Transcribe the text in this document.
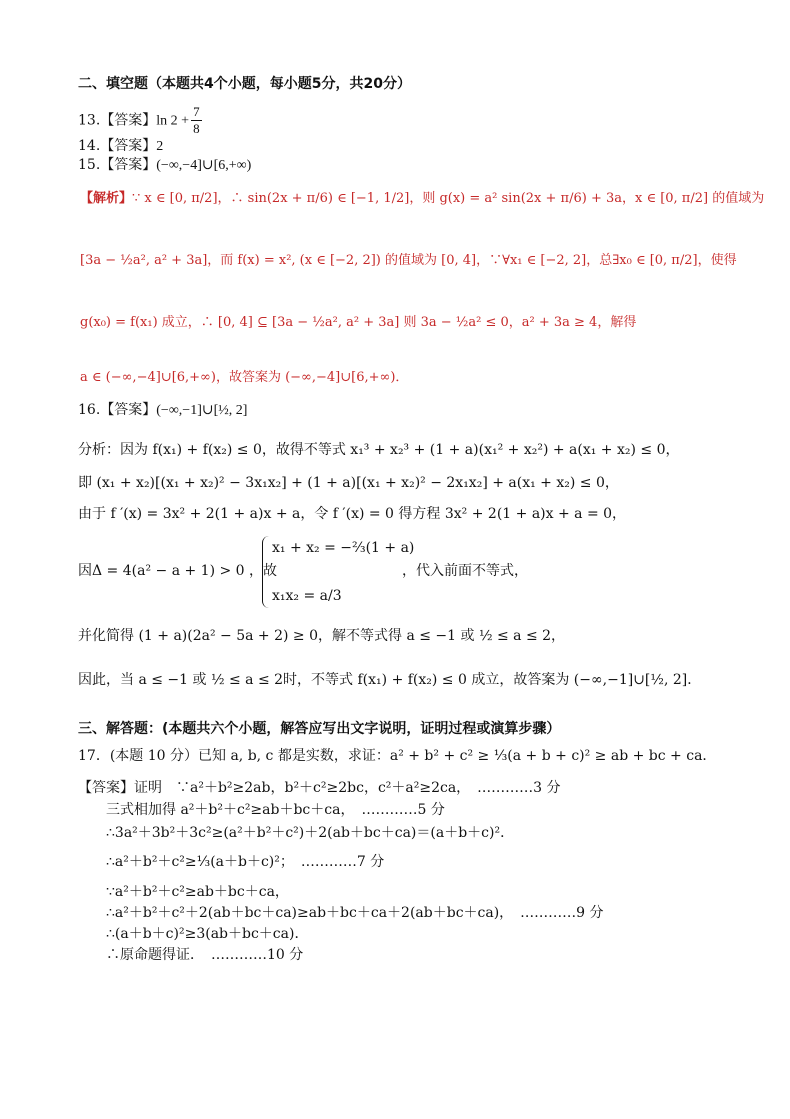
二、填空题（本题共4个小题，每小题5分，共20分）
13.【答案】$\ln 2 + \frac{7}{8}$
14.【答案】2
15.【答案】(−∞,−4]∪[6,+∞)
【解析】∵ x ∈ [0, π/2]，∴ sin(2x + π/6) ∈ [−1, 1/2]，则 g(x) = a² sin(2x + π/6) + 3a，x ∈ [0, π/2] 的值域为
[3a − ½a², a² + 3a]，而 f(x) = x², (x ∈ [−2, 2]) 的值域为 [0, 4]，∵∀x₁ ∈ [−2, 2]，总∃x₀ ∈ [0, π/2]，使得
g(x₀) = f(x₁) 成立，∴ [0, 4] ⊆ [3a − ½a², a² + 3a] 则 3a − ½a² ≤ 0，a² + 3a ≥ 4，解得
a ∈ (−∞,−4]∪[6,+∞)，故答案为 (−∞,−4]∪[6,+∞)．
16.【答案】(−∞,−1]∪[½, 2]
分析：因为 f(x₁) + f(x₂) ≤ 0，故得不等式 x₁³ + x₂³ + (1 + a)(x₁² + x₂²) + a(x₁ + x₂) ≤ 0，
即 (x₁ + x₂)[(x₁ + x₂)² − 3x₁x₂] + (1 + a)[(x₁ + x₂)² − 2x₁x₂] + a(x₁ + x₂) ≤ 0，
由于 f ′(x) = 3x² + 2(1 + a)x + a，令 f ′(x) = 0 得方程 3x² + 2(1 + a)x + a = 0，
因Δ = 4(a² − a + 1) > 0 ，故
x₁ + x₂ = −⅔(1 + a)
x₁x₂ = a/3
，代入前面不等式，
并化简得 (1 + a)(2a² − 5a + 2) ≥ 0，解不等式得 a ≤ −1 或 ½ ≤ a ≤ 2，
因此，当 a ≤ −1 或 ½ ≤ a ≤ 2时，不等式 f(x₁) + f(x₂) ≤ 0 成立，故答案为 (−∞,−1]∪[½, 2]．
三、解答题：(本题共六个小题，解答应写出文字说明，证明过程或演算步骤）
17．(本题 10 分）已知 a, b, c 都是实数，求证：a² + b² + c² ≥ ⅓(a + b + c)² ≥ ab + bc + ca．
【答案】证明　∵a²＋b²≥2ab，b²＋c²≥2bc，c²＋a²≥2ca，　…………3 分
三式相加得 a²＋b²＋c²≥ab＋bc＋ca，　…………5 分
∴3a²＋3b²＋3c²≥(a²＋b²＋c²)＋2(ab＋bc＋ca)＝(a＋b＋c)²．
∴a²＋b²＋c²≥⅓(a＋b＋c)²；　…………7 分
∵a²＋b²＋c²≥ab＋bc＋ca，
∴a²＋b²＋c²＋2(ab＋bc＋ca)≥ab＋bc＋ca＋2(ab＋bc＋ca)，　…………9 分
∴(a＋b＋c)²≥3(ab＋bc＋ca)．
∴原命题得证．　…………10 分
